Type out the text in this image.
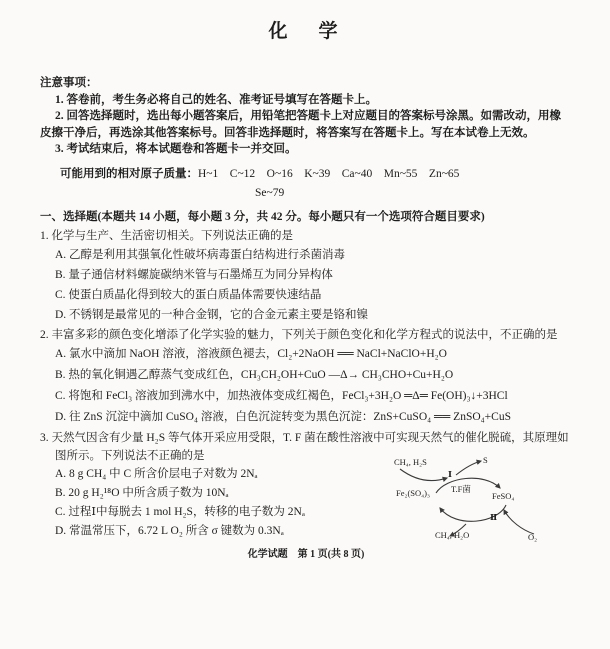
化　学

注意事项：

1. 答卷前，考生务必将自己的姓名、准考证号填写在答题卡上。

2. 回答选择题时，选出每小题答案后，用铅笔把答题卡上对应题目的答案标号涂黑。如需改动，用橡皮擦干净后，再选涂其他答案标号。回答非选择题时，将答案写在答题卡上。写在本试卷上无效。

3. 考试结束后，将本试题卷和答题卡一并交回。

可能用到的相对原子质量：H~1　C~12　O~16　K~39　Ca~40　Mn~55　Zn~65

Se~79

一、选择题(本题共 14 小题，每小题 3 分，共 42 分。每小题只有一个选项符合题目要求)

1. 化学与生产、生活密切相关。下列说法正确的是

A. 乙醇是利用其强氧化性破坏病毒蛋白结构进行杀菌消毒

B. 量子通信材料螺旋碳纳米管与石墨烯互为同分异构体

C. 使蛋白质晶化得到较大的蛋白质晶体需要快速结晶

D. 不锈钢是最常见的一种合金钢，它的合金元素主要是铬和镍

2. 丰富多彩的颜色变化增添了化学实验的魅力，下列关于颜色变化和化学方程式的说法中，不正确的是

A. 氯水中滴加 NaOH 溶液，溶液颜色褪去，Cl₂+2NaOH ══ NaCl+NaClO+H₂O

B. 热的氧化铜遇乙醇蒸气变成红色，CH₃CH₂OH+CuO —Δ→ CH₃CHO+Cu+H₂O

C. 将饱和 FeCl₃ 溶液加到沸水中，加热液体变成红褐色，FeCl₃+3H₂O ═Δ═ Fe(OH)₃↓+3HCl

D. 往 ZnS 沉淀中滴加 CuSO₄ 溶液，白色沉淀转变为黑色沉淀：ZnS+CuSO₄ ══ ZnSO₄+CuS

3. 天然气因含有少量 H₂S 等气体开采应用受限，T. F 菌在酸性溶液中可实现天然气的催化脱硫，其原理如图所示。下列说法不正确的是

A. 8 g CH₄ 中 C 所含价层电子对数为 2Nₐ

B. 20 g H₂¹⁸O 中所含质子数为 10Nₐ

C. 过程Ⅰ中每脱去 1 mol H₂S，转移的电子数为 2Nₐ

D. 常温常压下，6.72 L O₂ 所含 σ 键数为 0.3Nₐ

CH₄, H₂S
Ⅰ
S
Fe₂(SO₄)₃ T.F菌
FeSO₄
Ⅱ
CH₄, H₂O	O₂

化学试题　第 1 页(共 8 页)
